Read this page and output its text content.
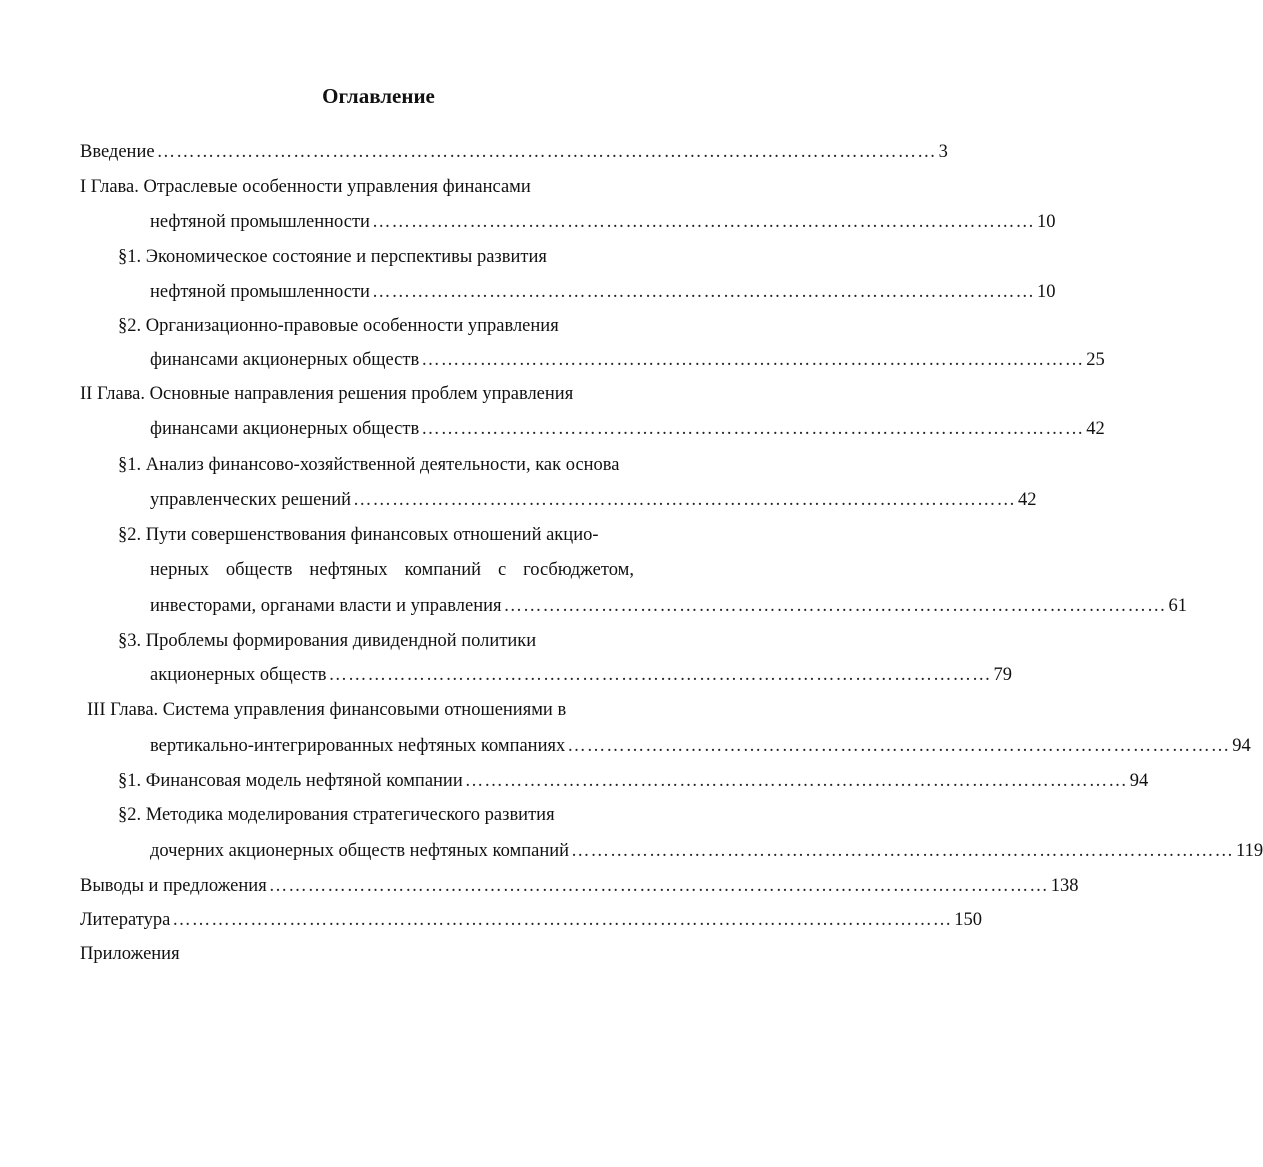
Оглавление
Введение ………………………………………………………………………………………………………… 3
I Глава. Отраслевые особенности управления финансами
нефтяной промышленности ………………………………………………………………………………………… 10
§1. Экономическое состояние и перспективы развития
нефтяной промышленности ………………………………………………………………………………………… 10
§2. Организационно-правовые особенности управления
финансами акционерных обществ ………………………………………………………………………………………… 25
II Глава. Основные направления решения проблем управления
финансами акционерных обществ ………………………………………………………………………………………… 42
§1. Анализ финансово-хозяйственной деятельности, как основа
управленческих решений ………………………………………………………………………………………… 42
§2. Пути совершенствования финансовых отношений акцио-
нерных обществ нефтяных компаний с госбюджетом,
инвесторами, органами власти и управления ………………………………………………………………………………………… 61
§3. Проблемы формирования дивидендной политики
акционерных обществ ………………………………………………………………………………………… 79
III Глава. Система управления финансовыми отношениями в
вертикально-интегрированных нефтяных компаниях ………………………………………………………………………………………… 94
§1. Финансовая модель нефтяной компании ………………………………………………………………………………………… 94
§2. Методика моделирования стратегического развития
дочерних акционерных обществ нефтяных компаний ………………………………………………………………………………………… 119
Выводы и предложения ………………………………………………………………………………………………………… 138
Литература ………………………………………………………………………………………………………… 150
Приложения
